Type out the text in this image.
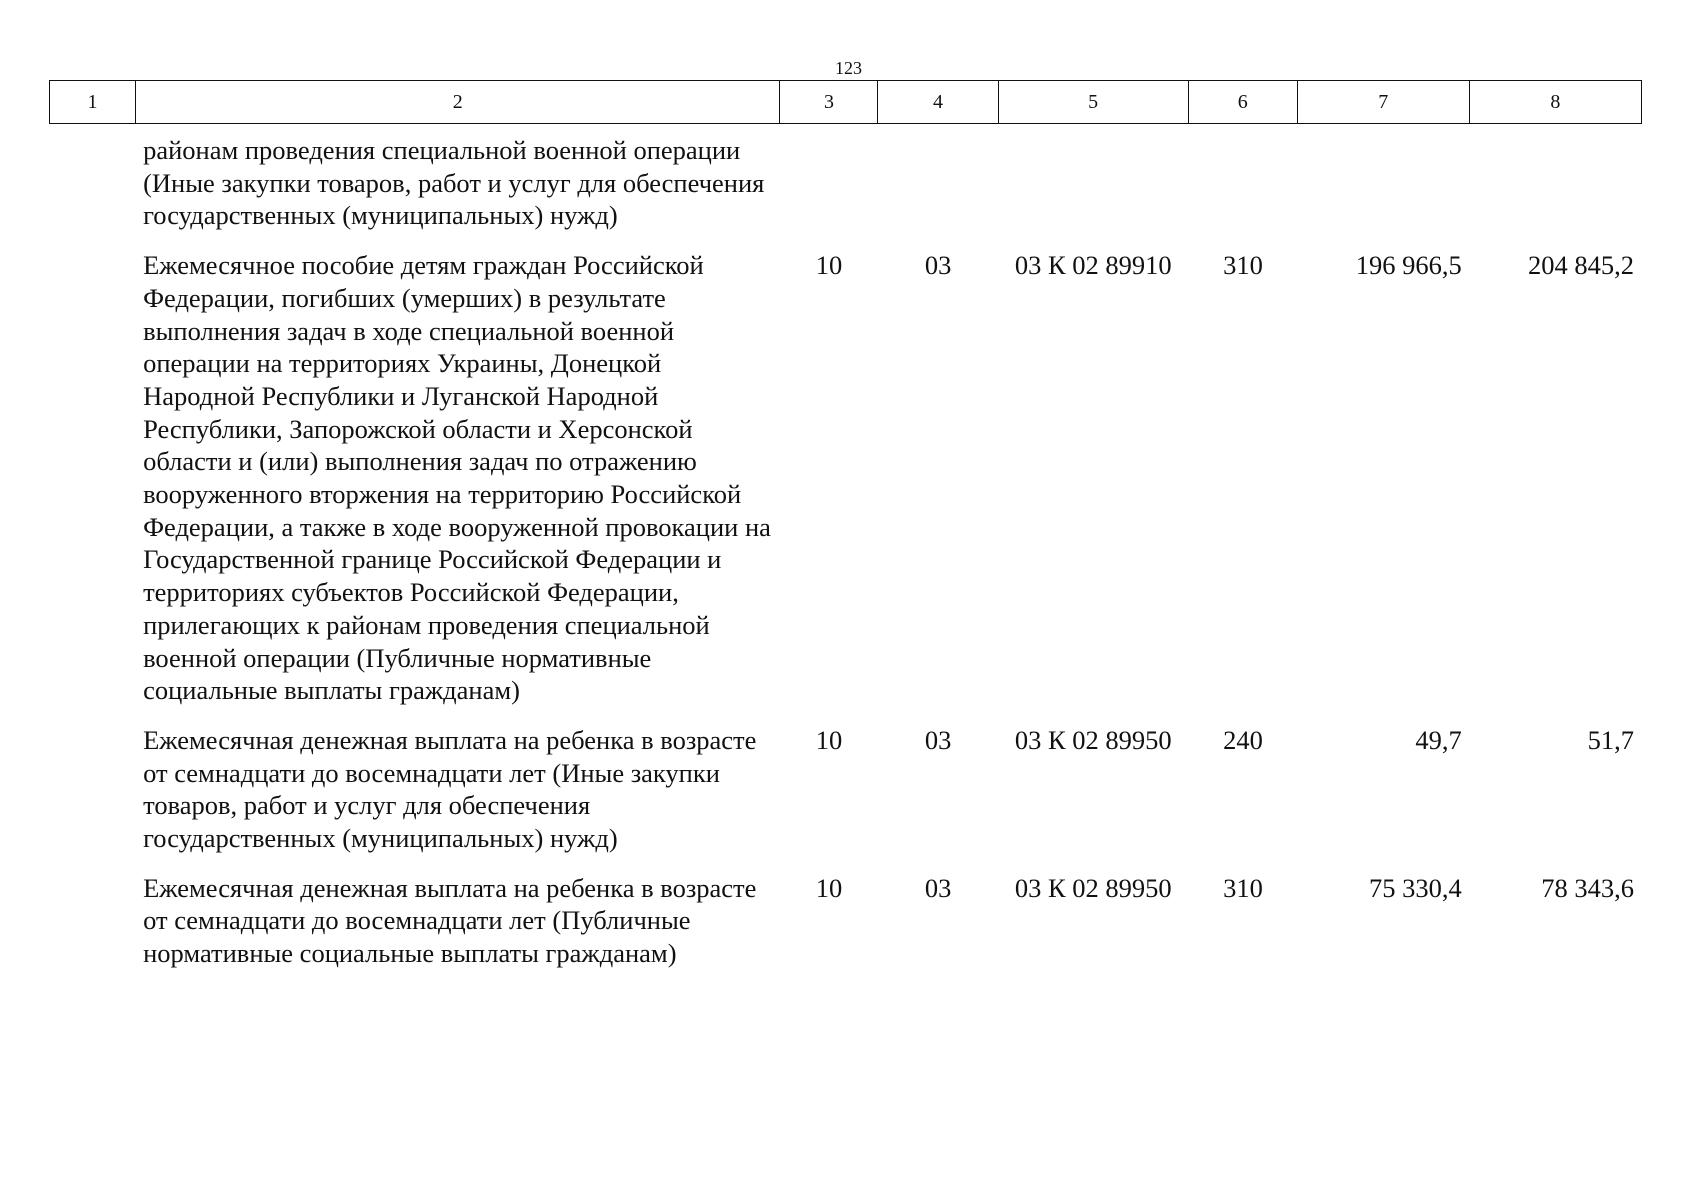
123
1	2	3	4	5	6	7	8
	районам проведения специальной военной операции (Иные закупки товаров, работ и услуг для обеспечения государственных (муниципальных) нужд)						
	Ежемесячное пособие детям граждан Российской Федерации, погибших (умерших) в результате выполнения задач в ходе специальной военной операции на территориях Украины, Донецкой Народной Республики и Луганской Народной Республики, Запорожской области и Херсонской области и (или) выполнения задач по отражению вооруженного вторжения на территорию Российской Федерации, а также в ходе вооруженной провокации на Государственной границе Российской Федерации и территориях субъектов Российской Федерации, прилегающих к районам проведения специальной военной операции (Публичные нормативные социальные выплаты гражданам)	10	03	03 К 02 89910	310	196 966,5	204 845,2
	Ежемесячная денежная выплата на ребенка в возрасте от семнадцати до восемнадцати лет (Иные закупки товаров, работ и услуг для обеспечения государственных (муниципальных) нужд)	10	03	03 К 02 89950	240	49,7	51,7
	Ежемесячная денежная выплата на ребенка в возрасте от семнадцати до восемнадцати лет (Публичные нормативные социальные выплаты гражданам)	10	03	03 К 02 89950	310	75 330,4	78 343,6
